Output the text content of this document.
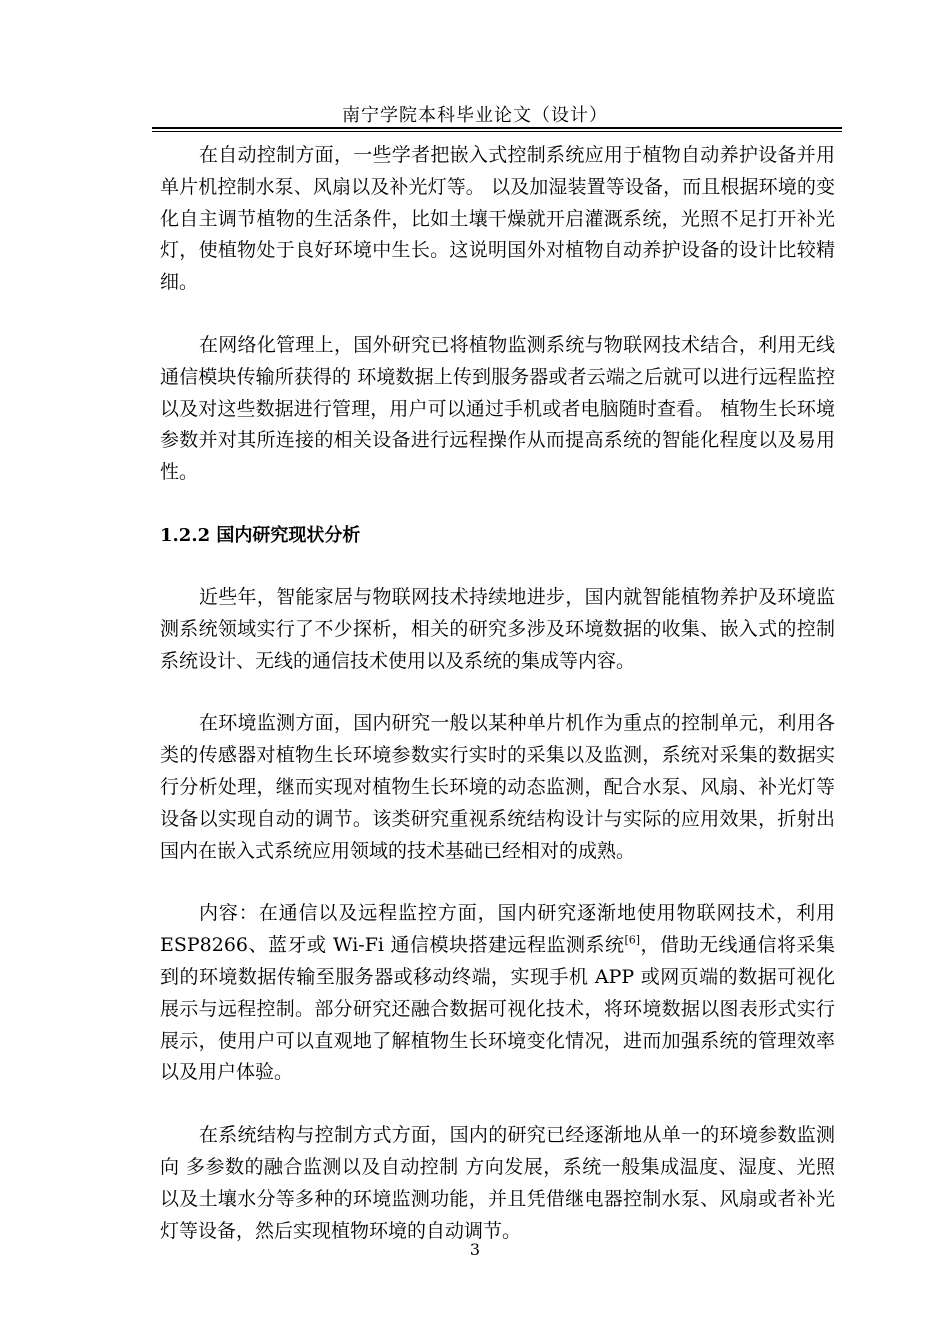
南宁学院本科毕业论文（设计）

在自动控制方面，一些学者把嵌入式控制系统应用于植物自动养护设备并用单片机控制水泵、风扇以及补光灯等。 以及加湿装置等设备，而且根据环境的变化自主调节植物的生活条件，比如土壤干燥就开启灌溉系统，光照不足打开补光灯，使植物处于良好环境中生长。这说明国外对植物自动养护设备的设计比较精细。

在网络化管理上，国外研究已将植物监测系统与物联网技术结合，利用无线通信模块传输所获得的 环境数据上传到服务器或者云端之后就可以进行远程监控以及对这些数据进行管理，用户可以通过手机或者电脑随时查看。 植物生长环境参数并对其所连接的相关设备进行远程操作从而提高系统的智能化程度以及易用性。

1.2.2 国内研究现状分析

近些年，智能家居与物联网技术持续地进步，国内就智能植物养护及环境监测系统领域实行了不少探析，相关的研究多涉及环境数据的收集、嵌入式的控制系统设计、无线的通信技术使用以及系统的集成等内容。

在环境监测方面，国内研究一般以某种单片机作为重点的控制单元，利用各类的传感器对植物生长环境参数实行实时的采集以及监测，系统对采集的数据实行分析处理，继而实现对植物生长环境的动态监测，配合水泵、风扇、补光灯等设备以实现自动的调节。该类研究重视系统结构设计与实际的应用效果，折射出国内在嵌入式系统应用领域的技术基础已经相对的成熟。

内容：在通信以及远程监控方面，国内研究逐渐地使用物联网技术，利用ESP8266、蓝牙或 Wi-Fi 通信模块搭建远程监测系统[6]，借助无线通信将采集到的环境数据传输至服务器或移动终端，实现手机 APP 或网页端的数据可视化展示与远程控制。部分研究还融合数据可视化技术，将环境数据以图表形式实行展示，使用户可以直观地了解植物生长环境变化情况，进而加强系统的管理效率以及用户体验。

在系统结构与控制方式方面，国内的研究已经逐渐地从单一的环境参数监测向 多参数的融合监测以及自动控制 方向发展，系统一般集成温度、湿度、光照以及土壤水分等多种的环境监测功能，并且凭借继电器控制水泵、风扇或者补光灯等设备，然后实现植物环境的自动调节。

3
